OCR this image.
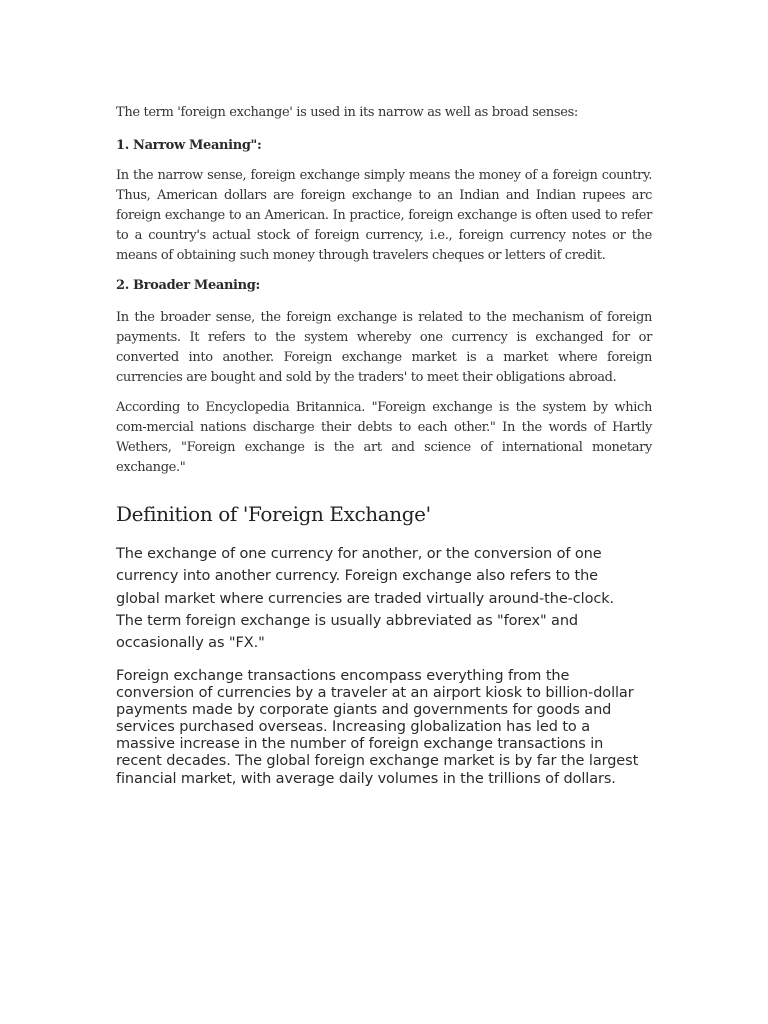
The term 'foreign exchange' is used in its narrow as well as broad senses:

1. Narrow Meaning":

In the narrow sense, foreign exchange simply means the money of a foreign country. Thus, American dollars are foreign exchange to an Indian and Indian rupees arc foreign exchange to an American. In practice, foreign exchange is often used to refer to a country's actual stock of foreign currency, i.e., foreign currency notes or the means of obtaining such money through travelers cheques or letters of credit.

2. Broader Meaning:

In the broader sense, the foreign exchange is related to the mechanism of foreign payments. It refers to the system whereby one currency is exchanged for or converted into another. Foreign exchange market is a market where foreign currencies are bought and sold by the traders' to meet their obligations abroad.

According to Encyclopedia Britannica. "Foreign exchange is the system by which com-mercial nations discharge their debts to each other." In the words of Hartly Wethers, "Foreign exchange is the art and science of international monetary exchange."

Definition of 'Foreign Exchange'

The exchange of one currency for another, or the conversion of one currency into another currency. Foreign exchange also refers to the global market where currencies are traded virtually around-the-clock. The term foreign exchange is usually abbreviated as "forex" and occasionally as "FX."

Foreign exchange transactions encompass everything from the conversion of currencies by a traveler at an airport kiosk to billion-dollar payments made by corporate giants and governments for goods and services purchased overseas. Increasing globalization has led to a massive increase in the number of foreign exchange transactions in recent decades. The global foreign exchange market is by far the largest financial market, with average daily volumes in the trillions of dollars.
